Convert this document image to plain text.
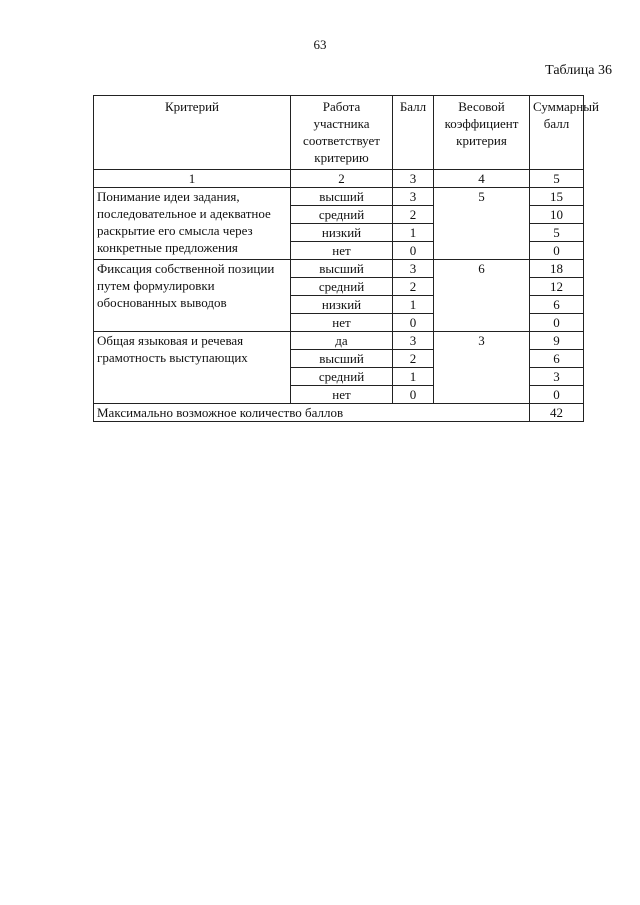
63
Таблица 36
Критерий	Работа участника соответствует критерию	Балл	Весовой коэффициент критерия	Суммарный балл
1	2	3	4	5
Понимание идеи задания, последовательное и адекватное раскрытие его смысла через конкретные предложения	высший	3	5	15
	средний	2		10
	низкий	1		5
	нет	0		0
Фиксация собственной позиции путем формулировки обоснованных выводов	высший	3	6	18
	средний	2		12
	низкий	1		6
	нет	0		0
Общая языковая и речевая грамотность выступающих	да	3	3	9
	высший	2		6
	средний	1		3
	нет	0		0
Максимально возможное количество баллов				42
